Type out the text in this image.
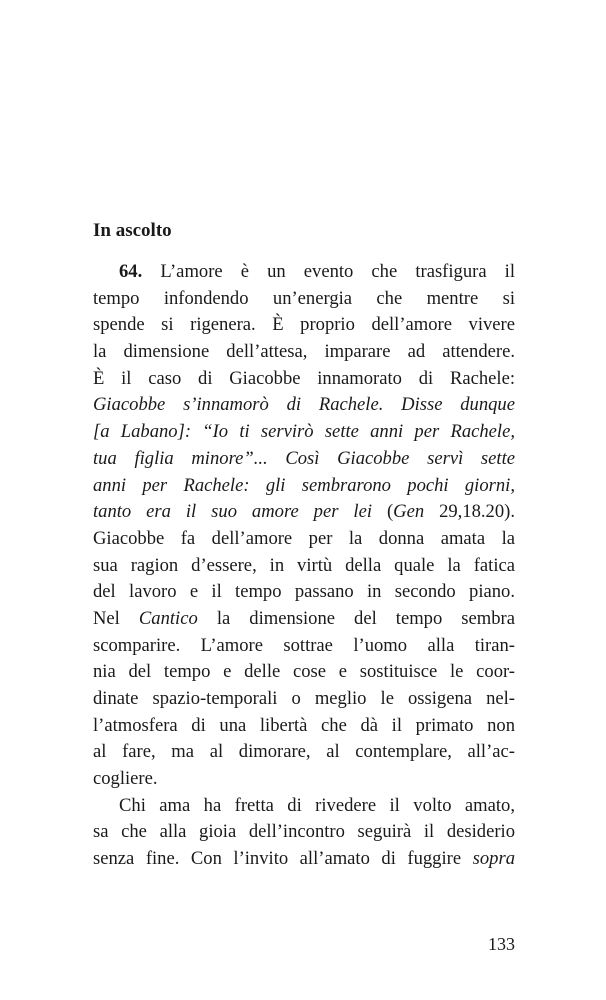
In ascolto
64. L’amore è un evento che trasfigura il
tempo infondendo un’energia che mentre si
spende si rigenera. È proprio dell’amore vivere
la dimensione dell’attesa, imparare ad attendere.
È il caso di Giacobbe innamorato di Rachele:
Giacobbe s’innamorò di Rachele. Disse dunque
[a Labano]: “Io ti servirò sette anni per Rachele,
tua figlia minore”... Così Giacobbe servì sette
anni per Rachele: gli sembrarono pochi giorni,
tanto era il suo amore per lei (Gen 29,18.20).
Giacobbe fa dell’amore per la donna amata la
sua ragion d’essere, in virtù della quale la fatica
del lavoro e il tempo passano in secondo piano.
Nel Cantico la dimensione del tempo sembra
scomparire. L’amore sottrae l’uomo alla tiran-
nia del tempo e delle cose e sostituisce le coor-
dinate spazio-temporali o meglio le ossigena nel-
l’atmosfera di una libertà che dà il primato non
al fare, ma al dimorare, al contemplare, all’ac-
cogliere.
Chi ama ha fretta di rivedere il volto amato,
sa che alla gioia dell’incontro seguirà il desiderio
senza fine. Con l’invito all’amato di fuggire sopra
133
